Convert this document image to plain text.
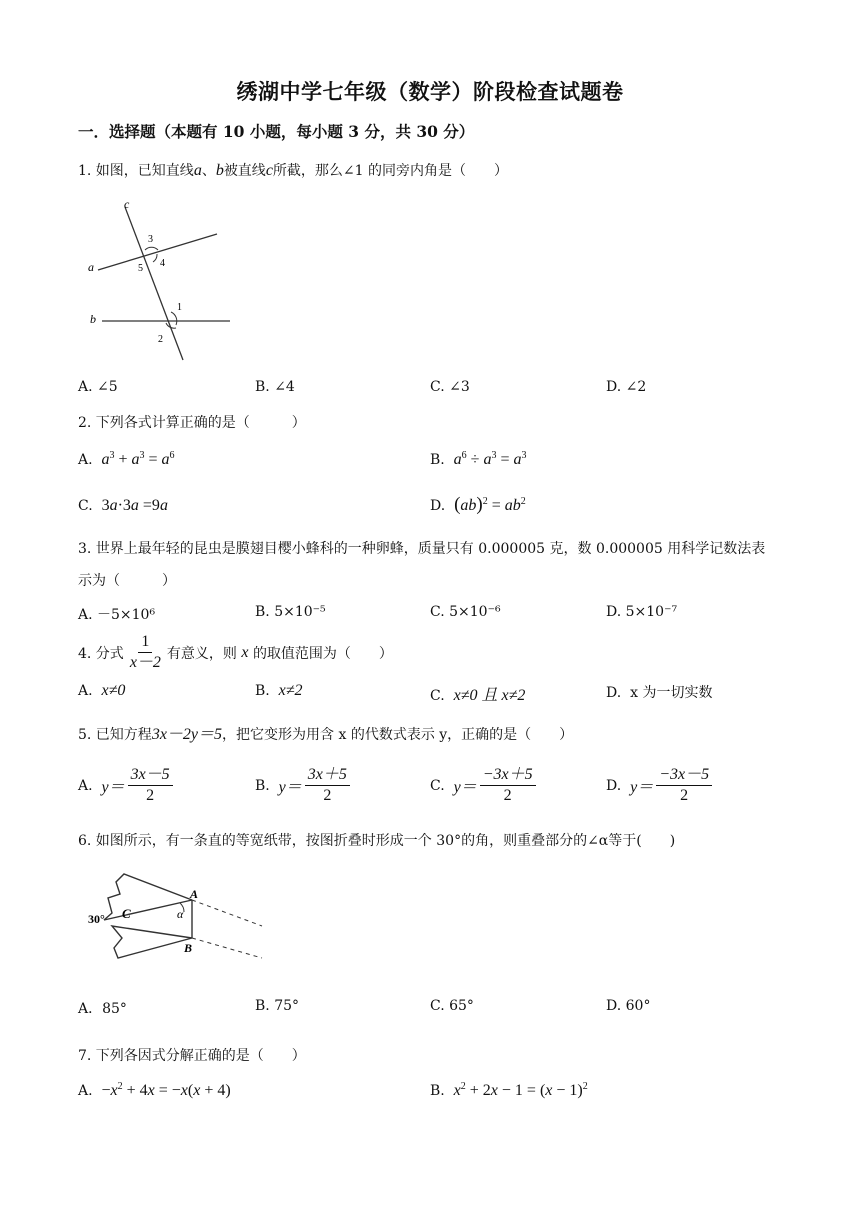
绣湖中学七年级（数学）阶段检查试题卷
一．选择题（本题有 10 小题，每小题 3 分，共 30 分）
1. 如图，已知直线a、b被直线c所截，那么∠1 的同旁内角是（　　）
c
a
b
3
4
5
1
2
A. ∠5	B. ∠4	C. ∠3	D. ∠2
2. 下列各式计算正确的是（　　　）
A. $a^3 + a^3 = a^6$	B. $a^6 \div a^3 = a^3$
C. 3a·3a =9a	D. $(ab)^2 = ab^2$
3. 世界上最年轻的昆虫是膜翅目樱小蜂科的一种卵蜂，质量只有 0.000005 克，数 0.000005 用科学记数法表
示为（　　　）
A. －5×10⁶	B. 5×10⁻⁵	C. 5×10⁻⁶	D. 5×10⁻⁷
4. 分式 $\frac{1}{x-2}$ 有意义，则
x
的取值范围为（　　）
A. x≠0	B. x≠2	C. x≠0 且 x≠2	D. x 为一切实数
5. 已知方程3x－2y＝5，把它变形为用含 x 的代数式表示 y，正确的是（　　）
A.
$y= \frac{3x-5}{2}$	B.
$y= \frac{3x+5}{2}$	C.
$y= \frac{-3x+5}{2}$	D.
$y= \frac{-3x-5}{2}$
6. 如图所示，有一条直的等宽纸带，按图折叠时形成一个 30°的角，则重叠部分的∠α等于(　　)
30° C
A
B
α
A．85°	B. 75°	C. 65°	D. 60°
7. 下列各因式分解正确的是（　　）
A. $-x^2 + 4x = -x(x + 4)$	B. $x^2 + 2x - 1 = (x - 1)^2$
